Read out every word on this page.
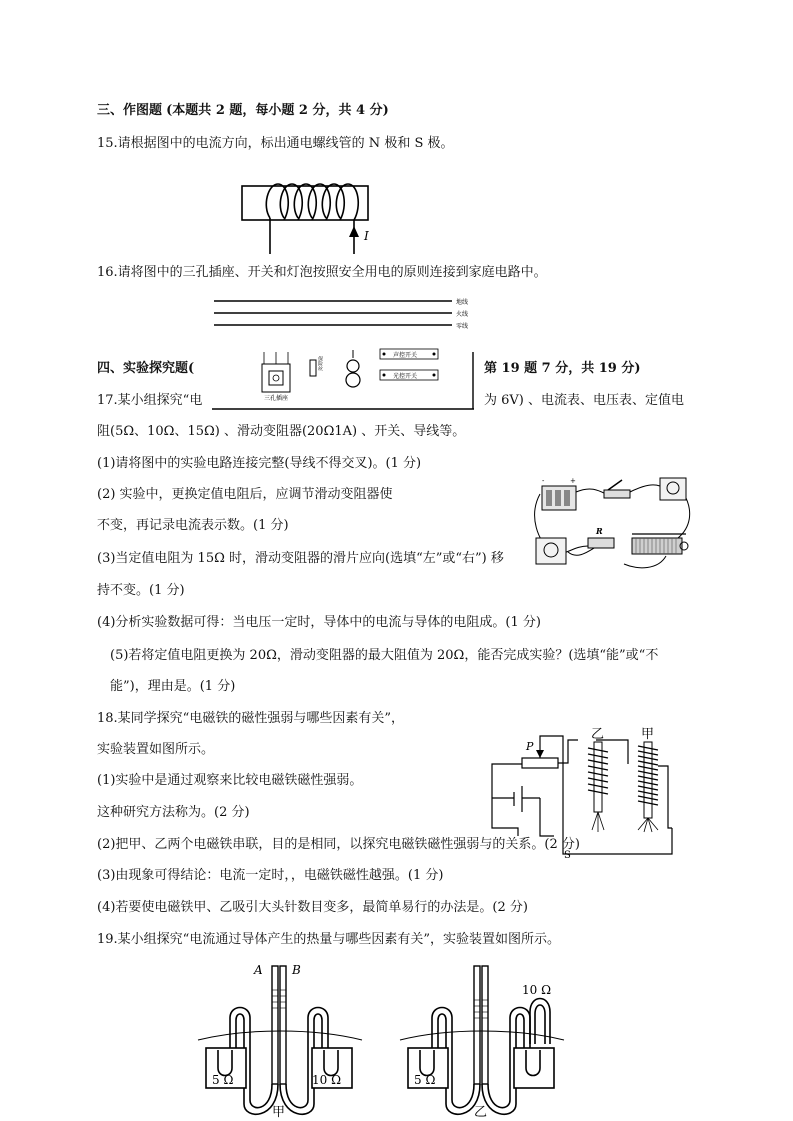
三、作图题 (本题共 2 题，每小题 2 分，共 4 分)
15.请根据图中的电流方向，标出通电螺线管的 N 极和 S 极。
I
16.请将图中的三孔插座、开关和灯泡按照安全用电的原则连接到家庭电路中。
四、实验探究题(	第 19 题 7 分，共 19 分)
17.某小组探究“电	为 6V) 、电流表、电压表、定值电
地线
火线
零线
三孔插座
保险丝
声控开关
光控开关
阻(5Ω、10Ω、15Ω) 、滑动变阻器(20Ω1A) 、开关、导线等。
(1)请将图中的实验电路连接完整(导线不得交叉)。(1 分)
(2) 实验中，更换定值电阻后，应调节滑动变阻器使
不变，再记录电流表示数。(1 分)
(3)当定值电阻为 15Ω 时，滑动变阻器的滑片应向(选填“左”或“右”) 移
持不变。(1 分)
(4)分析实验数据可得：当电压一定时，导体中的电流与导体的电阻成。(1 分)
(5)若将定值电阻更换为 20Ω，滑动变阻器的最大阻值为 20Ω，能否完成实验？(选填“能”或“不
能”)，理由是。(1 分)
-	+
R
18.某同学探究“电磁铁的磁性强弱与哪些因素有关”，
实验装置如图所示。
(1)实验中是通过观察来比较电磁铁磁性强弱。
这种研究方法称为。(2 分)
(2)把甲、乙两个电磁铁串联，目的是相同，以探究电磁铁磁性强弱与的关系。(2 分)
P
乙	甲
S
(3)由现象可得结论：电流一定时，，电磁铁磁性越强。(1 分)
(4)若要使电磁铁甲、乙吸引大头针数目变多，最简单易行的办法是。(2 分)
19.某小组探究“电流通过导体产生的热量与哪些因素有关”，实验装置如图所示。
A B
5 Ω	10 Ω
甲
10 Ω
5 Ω
乙
